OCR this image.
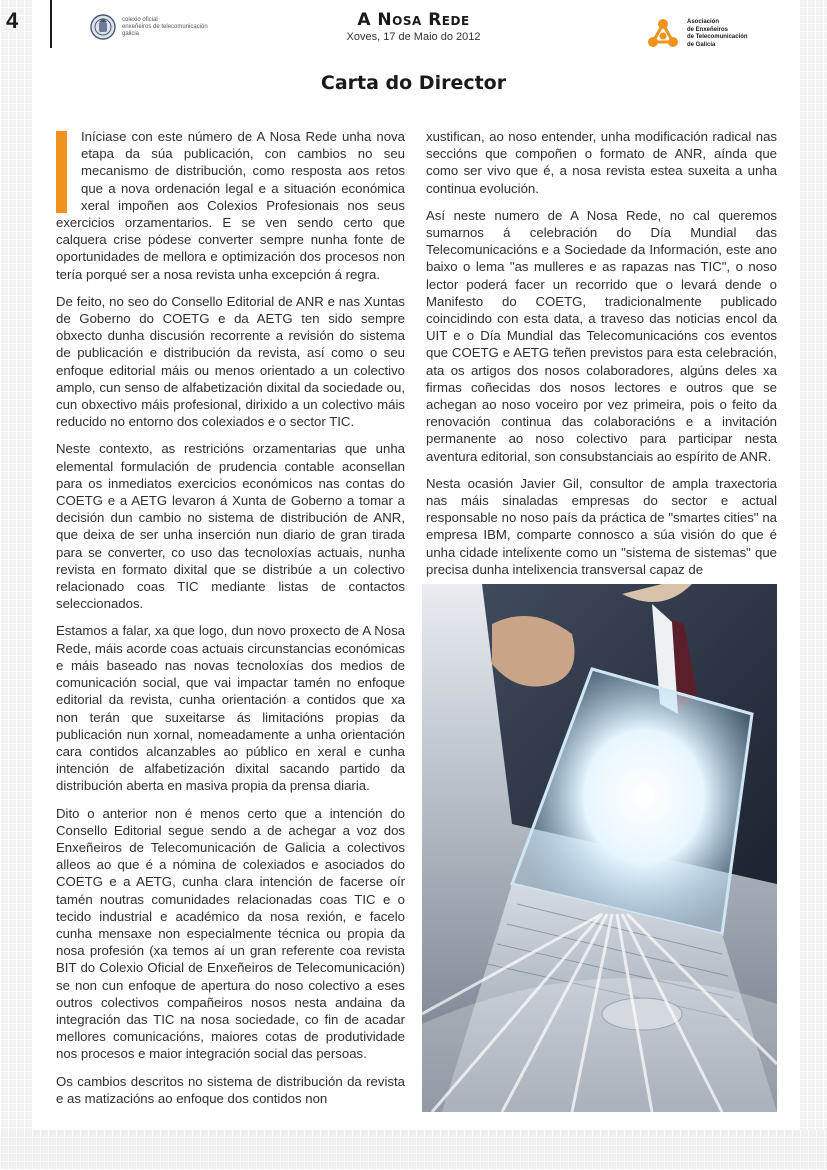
4	colexio oficial
enxeñeiros de telecomunicación
galicia
A Nosa Rede
Xoves, 17 de Maio do 2012
Asociación
de Enxeñeiros
de Telecomunicación
de Galicia
Carta do Director

Iníciase con este número de A Nosa Rede unha nova etapa da súa publicación, con cambios no seu mecanismo de distribución, como resposta aos retos que a nova ordenación legal e a situación económica xeral impoñen aos Colexios Profesionais nos seus exercicios orzamentarios. E se ven sendo certo que calquera crise pódese converter sempre nunha fonte de oportunidades de mellora e optimización dos procesos non tería porqué ser a nosa revista unha excepción á regra.

De feito, no seo do Consello Editorial de ANR e nas Xuntas de Goberno do COETG e da AETG ten sido sempre obxecto dunha discusión recorrente a revisión do sistema de publicación e distribución da revista, así como o seu enfoque editorial máis ou menos orientado a un colectivo amplo, cun senso de alfabetización dixital da sociedade ou, cun obxectivo máis profesional, dirixido a un colectivo máis reducido no entorno dos colexiados e o sector TIC.

Neste contexto, as restricións orzamentarias que unha elemental formulación de prudencia contable aconsellan para os inmediatos exercicios económicos nas contas do COETG e a AETG levaron á Xunta de Goberno a tomar a decisión dun cambio no sistema de distribución de ANR, que deixa de ser unha inserción nun diario de gran tirada para se converter, co uso das tecnoloxías actuais, nunha revista en formato dixital que se distribúe a un colectivo relacionado coas TIC mediante listas de contactos seleccionados.

Estamos a falar, xa que logo, dun novo proxecto de A Nosa Rede, máis acorde coas actuais circunstancias económicas e máis baseado nas novas tecnoloxías dos medios de comunicación social, que vai impactar tamén no enfoque editorial da revista, cunha orientación a contidos que xa non terán que suxeitarse ás limitacións propias da publicación nun xornal, nomeadamente a unha orientación cara contidos alcanzables ao público en xeral e cunha intención de alfabetización dixital sacando partido da distribución aberta en masiva propia da prensa diaria.

Dito o anterior non é menos certo que a intención do Consello Editorial segue sendo a de achegar a voz dos Enxeñeiros de Telecomunicación de Galicia a colectivos alleos ao que é a nómina de colexiados e asociados do COETG e a AETG, cunha clara intención de facerse oír tamén noutras comunidades relacionadas coas TIC e o tecido industrial e académico da nosa rexión, e facelo cunha mensaxe non especialmente técnica ou propia da nosa profesión (xa temos aí un gran referente coa revista BIT do Colexio Oficial de Enxeñeiros de Telecomunicación) se non cun enfoque de apertura do noso colectivo a eses outros colectivos compañeiros nosos nesta andaina da integración das TIC na nosa sociedade, co fin de acadar mellores comunicacións, maiores cotas de produtividade nos procesos e maior integración social das persoas.

Os cambios descritos no sistema de distribución da revista e as matizacións ao enfoque dos contidos non

xustifican, ao noso entender, unha modificación radical nas seccións que compoñen o formato de ANR, aínda que como ser vivo que é, a nosa revista estea suxeita a unha continua evolución.

Así neste numero de A Nosa Rede, no cal queremos sumarnos á celebración do Día Mundial das Telecomunicacións e a Sociedade da Información, este ano baixo o lema "as mulleres e as rapazas nas TIC", o noso lector poderá facer un recorrido que o levará dende o Manifesto do COETG, tradicionalmente publicado coincidindo con esta data, a traveso das noticias encol da UIT e o Día Mundial das Telecomunicacións cos eventos que COETG e AETG teñen previstos para esta celebración, ata os artigos dos nosos colaboradores, algúns deles xa firmas coñecidas dos nosos lectores e outros que se achegan ao noso voceiro por vez primeira, pois o feito da renovación continua das colaboracións e a invitación permanente ao noso colectivo para participar nesta aventura editorial, son consubstanciais ao espírito de ANR.

Nesta ocasión Javier Gil, consultor de ampla traxectoria nas máis sinaladas empresas do sector e actual responsable no noso país da práctica de "smartes cities" na empresa IBM, comparte connosco a súa visión do que é unha cidade intelixente como un "sistema de sistemas" que precisa dunha intelixencia transversal capaz de
